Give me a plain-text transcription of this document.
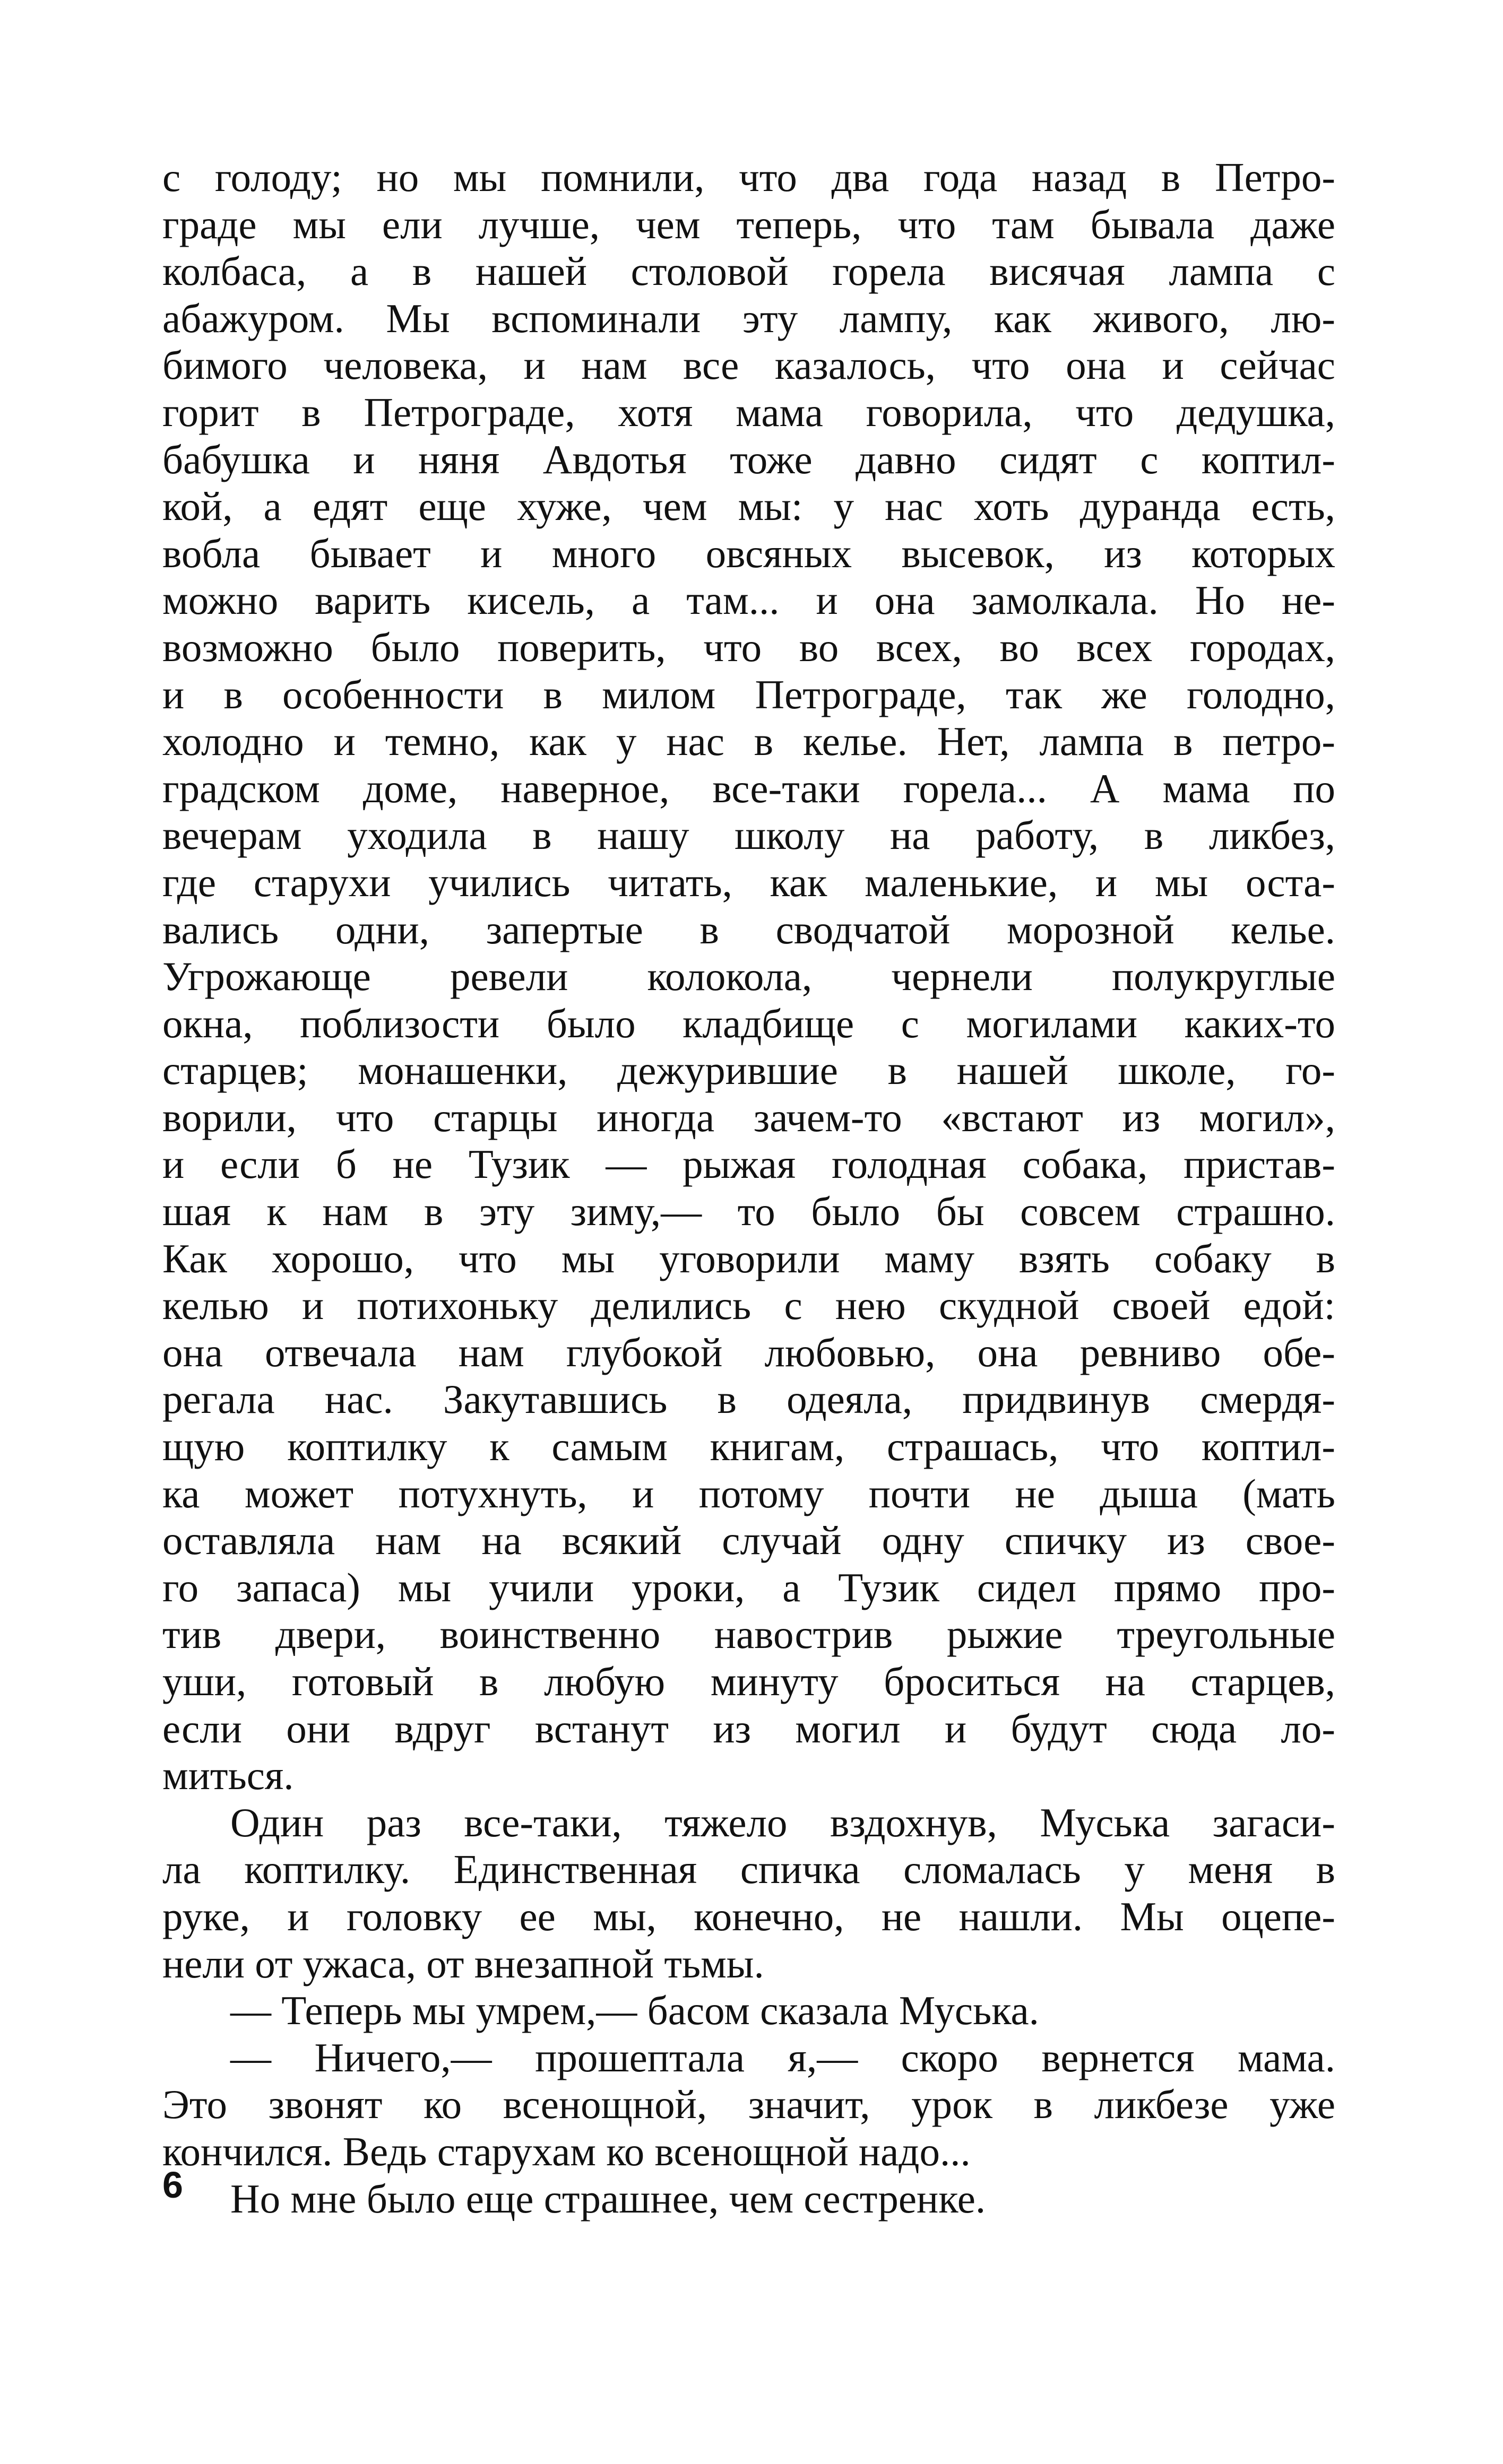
с голоду; но мы помнили, что два года назад в Петро-
граде мы ели лучше, чем теперь, что там бывала даже
колбаса, а в нашей столовой горела висячая лампа с
абажуром. Мы вспоминали эту лампу, как живого, лю-
бимого человека, и нам все казалось, что она и сейчас
горит в Петрограде, хотя мама говорила, что дедушка,
бабушка и няня Авдотья тоже давно сидят с коптил-
кой, а едят еще хуже, чем мы: у нас хоть дуранда есть,
вобла бывает и много овсяных высевок, из которых
можно варить кисель, а там... и она замолкала. Но не-
возможно было поверить, что во всех, во всех городах,
и в особенности в милом Петрограде, так же голодно,
холодно и темно, как у нас в келье. Нет, лампа в петро-
градском доме, наверное, все-таки горела... А мама по
вечерам уходила в нашу школу на работу, в ликбез,
где старухи учились читать, как маленькие, и мы оста-
вались одни, запертые в сводчатой морозной келье.
Угрожающе ревели колокола, чернели полукруглые
окна, поблизости было кладбище с могилами каких-то
старцев; монашенки, дежурившие в нашей школе, го-
ворили, что старцы иногда зачем-то «встают из могил»,
и если б не Тузик — рыжая голодная собака, пристав-
шая к нам в эту зиму,— то было бы совсем страшно.
Как хорошо, что мы уговорили маму взять собаку в
келью и потихоньку делились с нею скудной своей едой:
она отвечала нам глубокой любовью, она ревниво обе-
регала нас. Закутавшись в одеяла, придвинув смердя-
щую коптилку к самым книгам, страшась, что коптил-
ка может потухнуть, и потому почти не дыша (мать
оставляла нам на всякий случай одну спичку из свое-
го запаса) мы учили уроки, а Тузик сидел прямо про-
тив двери, воинственно навострив рыжие треугольные
уши, готовый в любую минуту броситься на старцев,
если они вдруг встанут из могил и будут сюда ло-
миться.
Один раз все-таки, тяжело вздохнув, Муська загаси-
ла коптилку. Единственная спичка сломалась у меня в
руке, и головку ее мы, конечно, не нашли. Мы оцепе-
нели от ужаса, от внезапной тьмы.
— Теперь мы умрем,— басом сказала Муська.
— Ничего,— прошептала я,— скоро вернется мама.
Это звонят ко всенощной, значит, урок в ликбезе уже
кончился. Ведь старухам ко всенощной надо...
Но мне было еще страшнее, чем сестренке.
6
